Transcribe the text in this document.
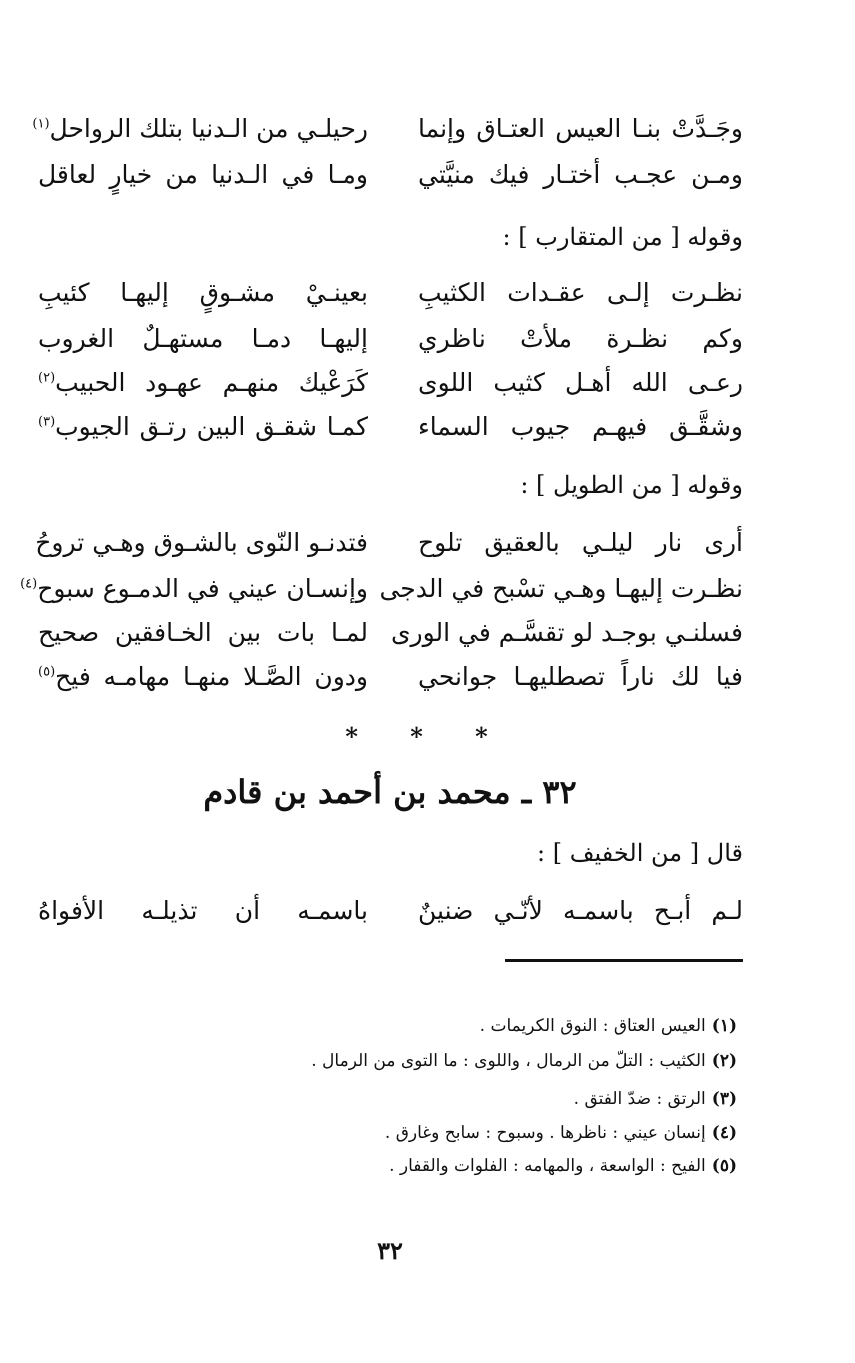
وجَـدَّتْ بنـا العيس العتـاق وإنما
رحيلـي من الـدنيا بتلك الرواحل$^{(١)}$
ومـن عجـب أختـار فيك منيَّتي
ومـا في الـدنيا من خيارٍ لعاقل
وقوله [ من المتقارب ] :
نظـرت إلـى عقـدات الكثيبِ
بعينـيْ مشـوقٍ إليهـا كئيبِ
وكم نظـرة ملأتْ ناظري
إليهـا دمـا مستهـلٌ الغروب
رعـى الله أهـل كثيب اللوى
كَرَعْيك منهـم عهـود الحبيب$^{(٢)}$
وشقَّـق فيهـم جيوب السماء
كمـا شقـق البين رتـق الجيوب$^{(٣)}$
وقوله [ من الطويل ] :
أرى نار ليلـي بالعقيق تلوح
فتدنـو النّوى بالشـوق وهـي تروحُ
نظـرت إليهـا وهـي تسْبح في الدجى
وإنسـان عيني في الدمـوع سبوح$^{(٤)}$
فسلنـي بوجـد لو تقسَّـم في الورى
لمـا بات بين الخـافقين صحيح
فيا لك ناراً تصطليهـا جوانحي
ودون الصَّـلا منهـا مهامـه فيح$^{(٥)}$
* * *
٣٢ ـ محمد بن أحمد بن قادم
قال [ من الخفيف ] :
لـم أبـح باسمـه لأنّـي ضنينٌ
باسمـه أن تذيلـه الأفواهُ
(١)العيس العتاق : النوق الكريمات .
(٢)الكثيب : التلّ من الرمال ، واللوى : ما التوى من الرمال .
(٣)الرتق : ضدّ الفتق .
(٤)إنسان عيني : ناظرها . وسبوح : سابح وغارق .
(٥)الفيح : الواسعة ، والمهامه : الفلوات والقفار .
٣٢
